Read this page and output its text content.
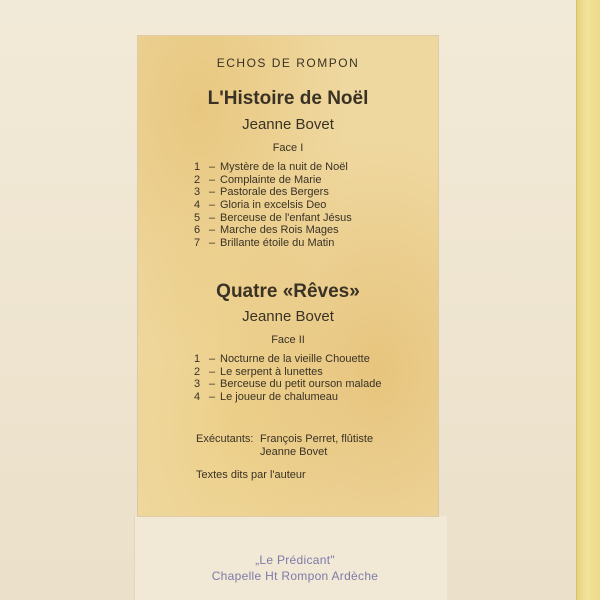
ECHOS DE ROMPON
L'Histoire de Noël
Jeanne Bovet
Face I
1 – Mystère de la nuit de Noël
2 – Complainte de Marie
3 – Pastorale des Bergers
4 – Gloria in excelsis Deo
5 – Berceuse de l'enfant Jésus
6 – Marche des Rois Mages
7 – Brillante étoile du Matin
Quatre «Rêves»
Jeanne Bovet
Face II
1 – Nocturne de la vieille Chouette
2 – Le serpent à lunettes
3 – Berceuse du petit ourson malade
4 – Le joueur de chalumeau
Exécutants: François Perret, flûtiste
Jeanne Bovet
Textes dits par l'auteur
„Le Prédicant"
Chapelle Ht Rompon Ardèche
